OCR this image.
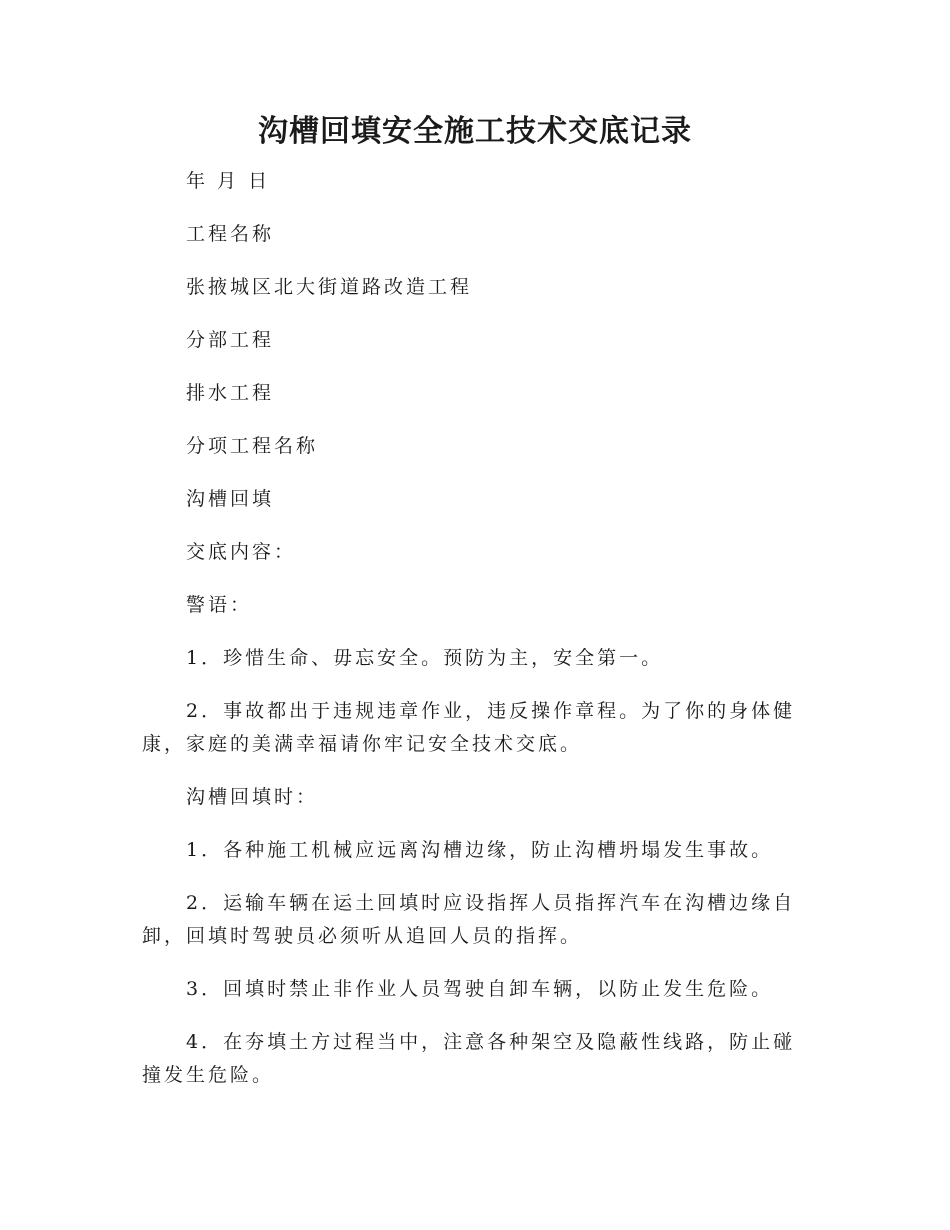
沟槽回填安全施工技术交底记录

年 月 日

工程名称

张掖城区北大街道路改造工程

分部工程

排水工程

分项工程名称

沟槽回填

交底内容：

警语：

1．珍惜生命、毋忘安全。预防为主，安全第一。

2．事故都出于违规违章作业，违反操作章程。为了你的身体健康，家庭的美满幸福请你牢记安全技术交底。

沟槽回填时：

1．各种施工机械应远离沟槽边缘，防止沟槽坍塌发生事故。

2．运输车辆在运土回填时应设指挥人员指挥汽车在沟槽边缘自卸，回填时驾驶员必须听从追回人员的指挥。

3．回填时禁止非作业人员驾驶自卸车辆，以防止发生危险。

4．在夯填土方过程当中，注意各种架空及隐蔽性线路，防止碰撞发生危险。
